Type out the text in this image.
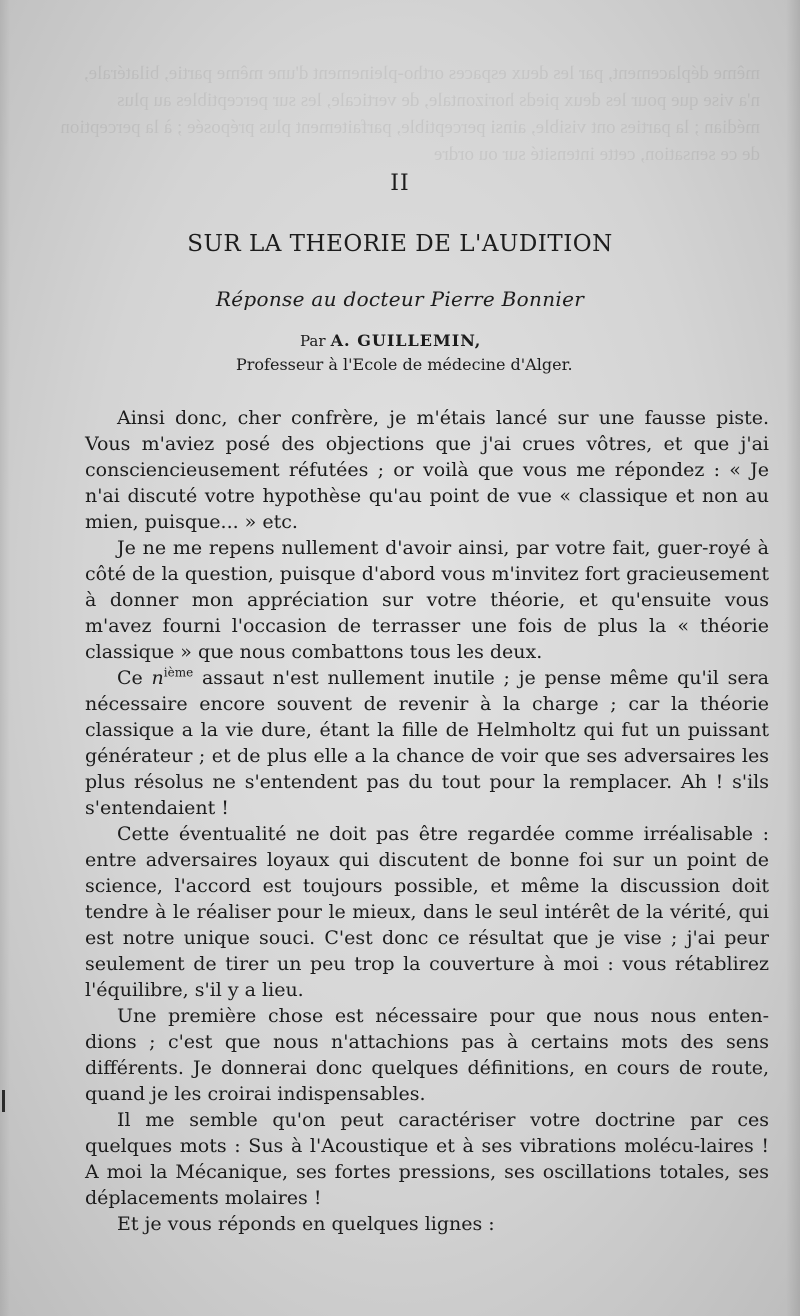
même déplacement, par les deux espaces ortho-pleinement d'une même partie, bilatérale, n'a vise que pour les deux pieds horizontale, de verticale, les sur perceptibles au plus médian ; la parties ont visible, ainsi perceptible, parfaitement plus préposée ; à la perception de ce sensation, cette intensité sur ou ordre
II
SUR LA THEORIE DE L'AUDITION
Réponse au docteur Pierre Bonnier
Par A. GUILLEMIN,
Professeur à l'Ecole de médecine d'Alger.

Ainsi donc, cher confrère, je m'étais lancé sur une fausse piste. Vous m'aviez posé des objections que j'ai crues vôtres, et que j'ai consciencieusement réfutées ; or voilà que vous me répondez : « Je n'ai discuté votre hypothèse qu'au point de vue « classique et non au mien, puisque... » etc.

Je ne me repens nullement d'avoir ainsi, par votre fait, guer-royé à côté de la question, puisque d'abord vous m'invitez fort gracieusement à donner mon appréciation sur votre théorie, et qu'ensuite vous m'avez fourni l'occasion de terrasser une fois de plus la « théorie classique » que nous combattons tous les deux.

Ce $n^{ième}$ assaut n'est nullement inutile ; je pense même qu'il sera nécessaire encore souvent de revenir à la charge ; car la théorie classique a la vie dure, étant la fille de Helmholtz qui fut un puissant générateur ; et de plus elle a la chance de voir que ses adversaires les plus résolus ne s'entendent pas du tout pour la remplacer. Ah ! s'ils s'entendaient !

Cette éventualité ne doit pas être regardée comme irréalisable : entre adversaires loyaux qui discutent de bonne foi sur un point de science, l'accord est toujours possible, et même la discussion doit tendre à le réaliser pour le mieux, dans le seul intérêt de la vérité, qui est notre unique souci. C'est donc ce résultat que je vise ; j'ai peur seulement de tirer un peu trop la couverture à moi : vous rétablirez l'équilibre, s'il y a lieu.

Une première chose est nécessaire pour que nous nous enten-dions ; c'est que nous n'attachions pas à certains mots des sens différents. Je donnerai donc quelques définitions, en cours de route, quand je les croirai indispensables.

Il me semble qu'on peut caractériser votre doctrine par ces quelques mots : Sus à l'Acoustique et à ses vibrations molécu-laires ! A moi la Mécanique, ses fortes pressions, ses oscillations totales, ses déplacements molaires !

Et je vous réponds en quelques lignes :
